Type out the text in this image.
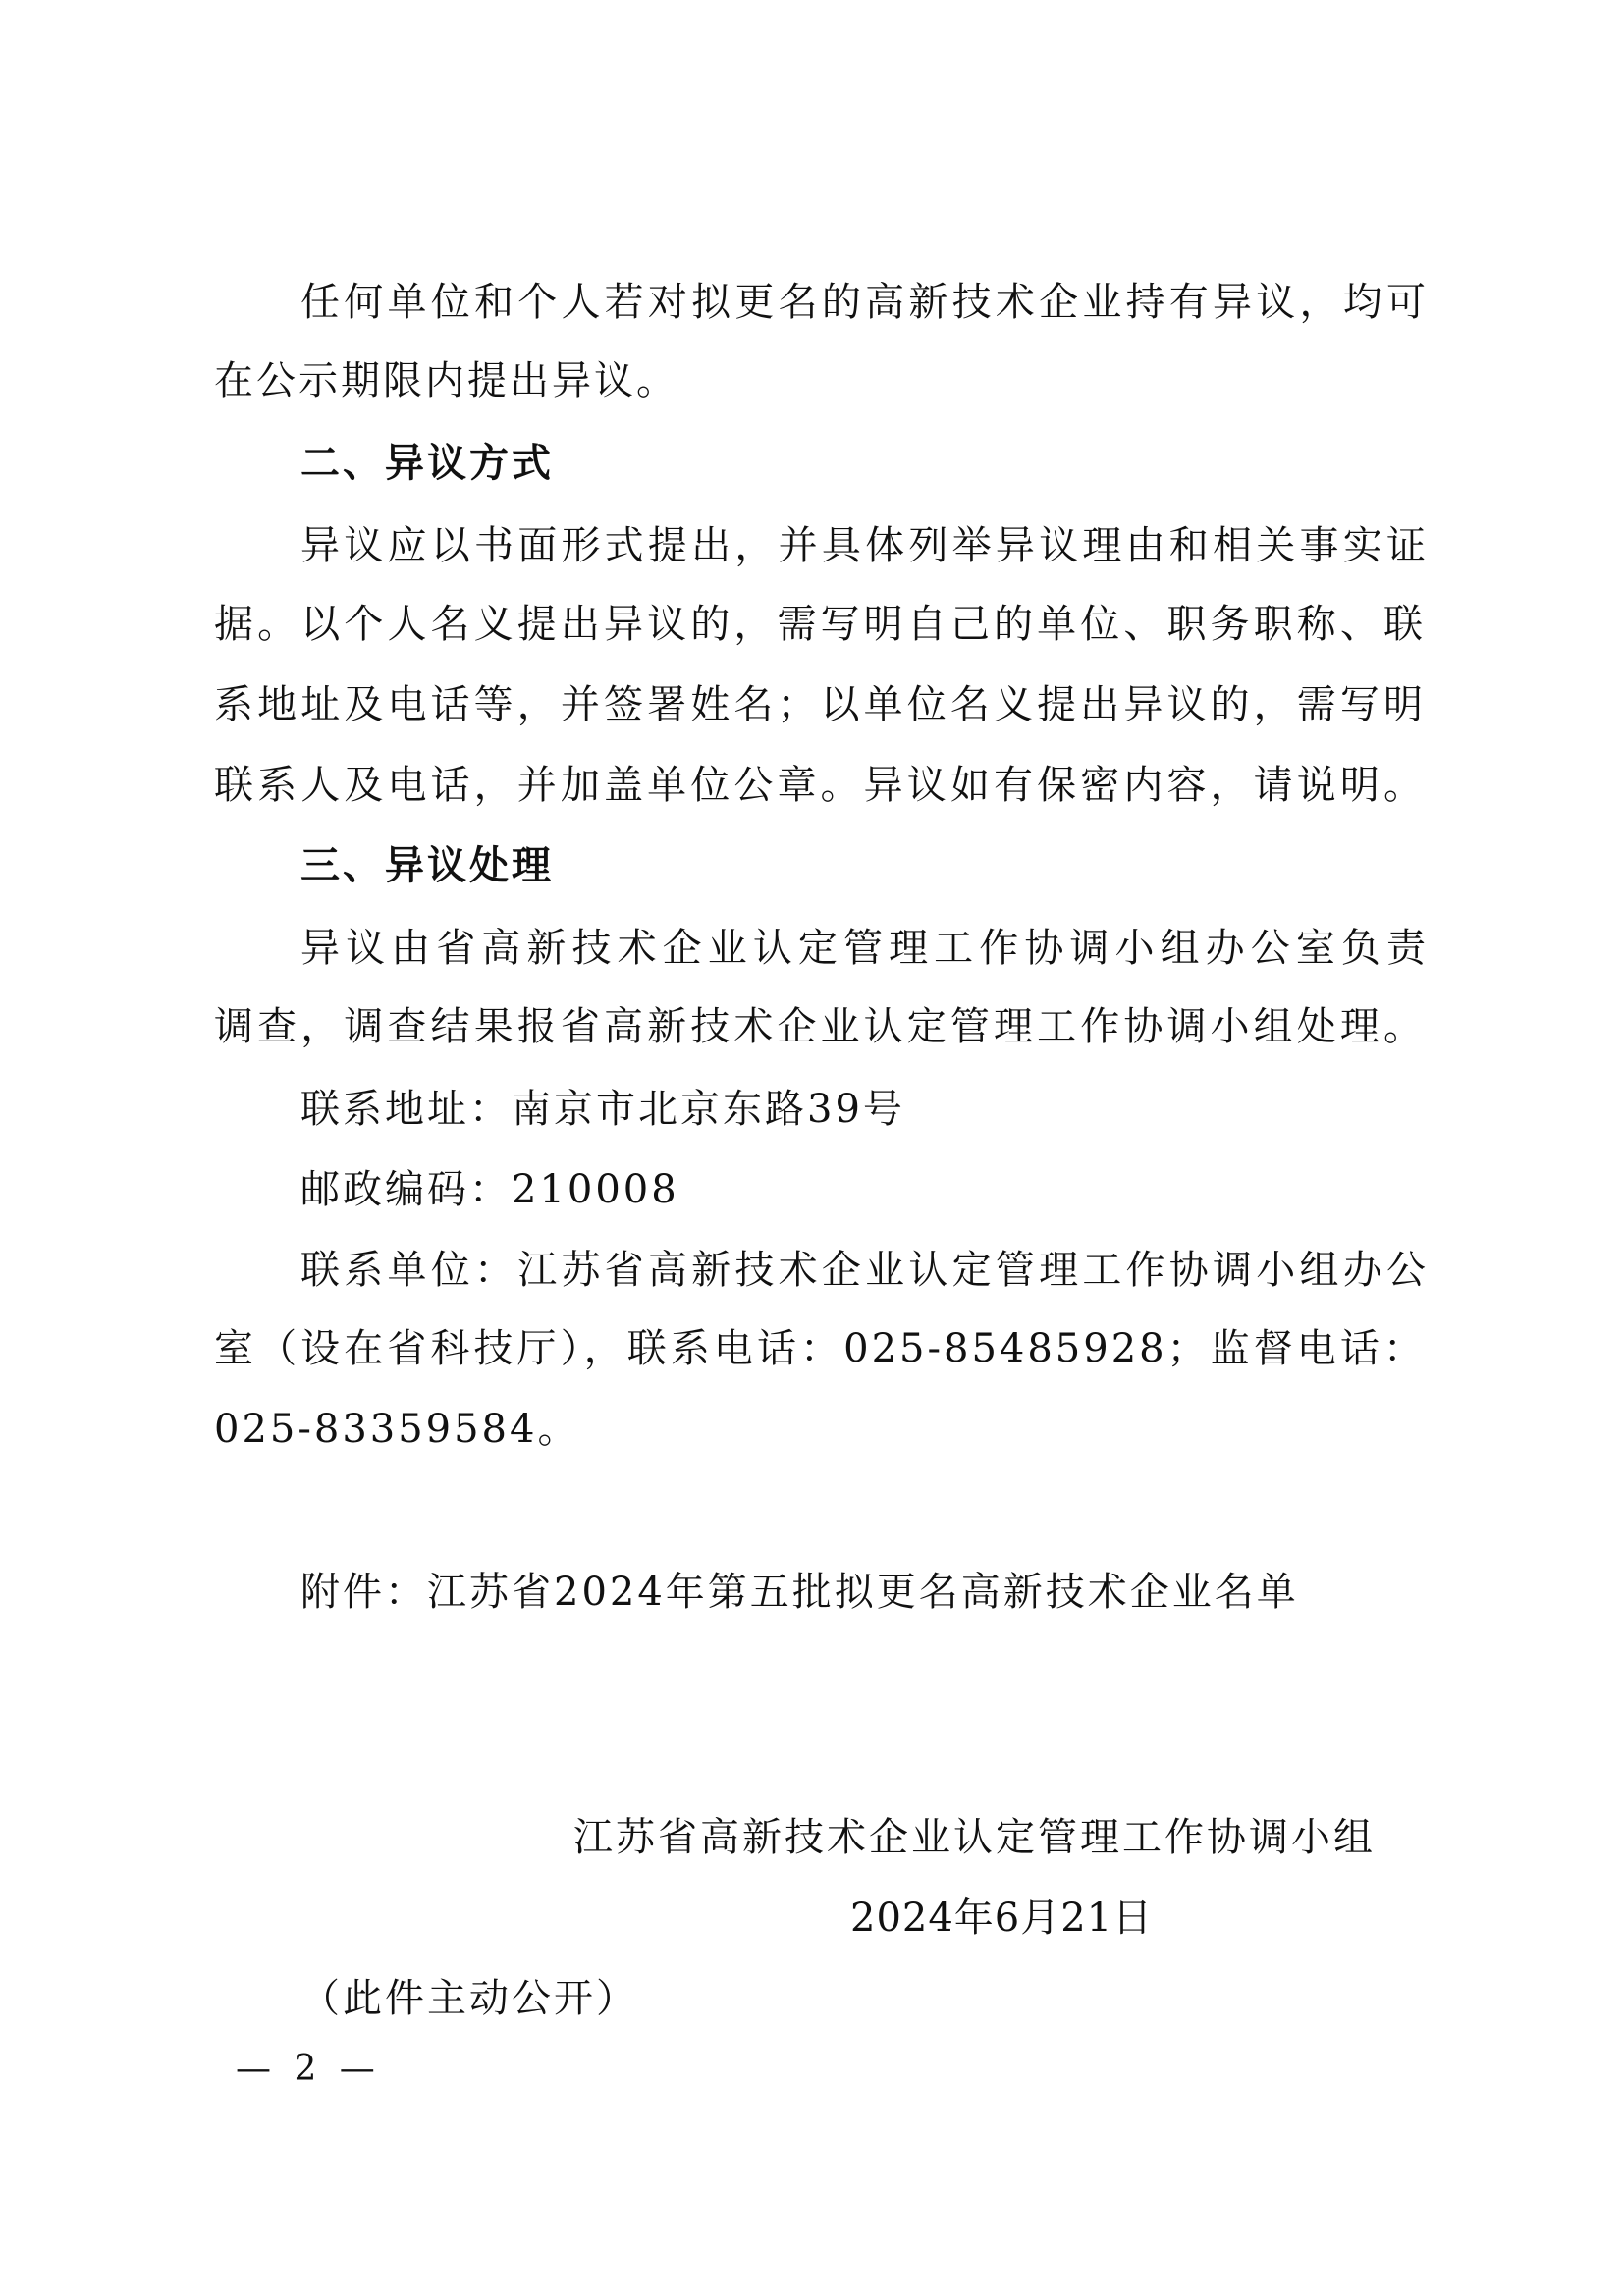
任何单位和个人若对拟更名的高新技术企业持有异议，均可
在公示期限内提出异议。
二、异议方式
异议应以书面形式提出，并具体列举异议理由和相关事实证
据。以个人名义提出异议的，需写明自己的单位、职务职称、联
系地址及电话等，并签署姓名；以单位名义提出异议的，需写明
联系人及电话，并加盖单位公章。异议如有保密内容，请说明。
三、异议处理
异议由省高新技术企业认定管理工作协调小组办公室负责
调查，调查结果报省高新技术企业认定管理工作协调小组处理。
联系地址：南京市北京东路39号
邮政编码：210008
联系单位：江苏省高新技术企业认定管理工作协调小组办公
室（设在省科技厅），联系电话：025-85485928；监督电话：
025-83359584。
附件：江苏省2024年第五批拟更名高新技术企业名单
江苏省高新技术企业认定管理工作协调小组
2024年6月21日
（此件主动公开）
— 2 —
